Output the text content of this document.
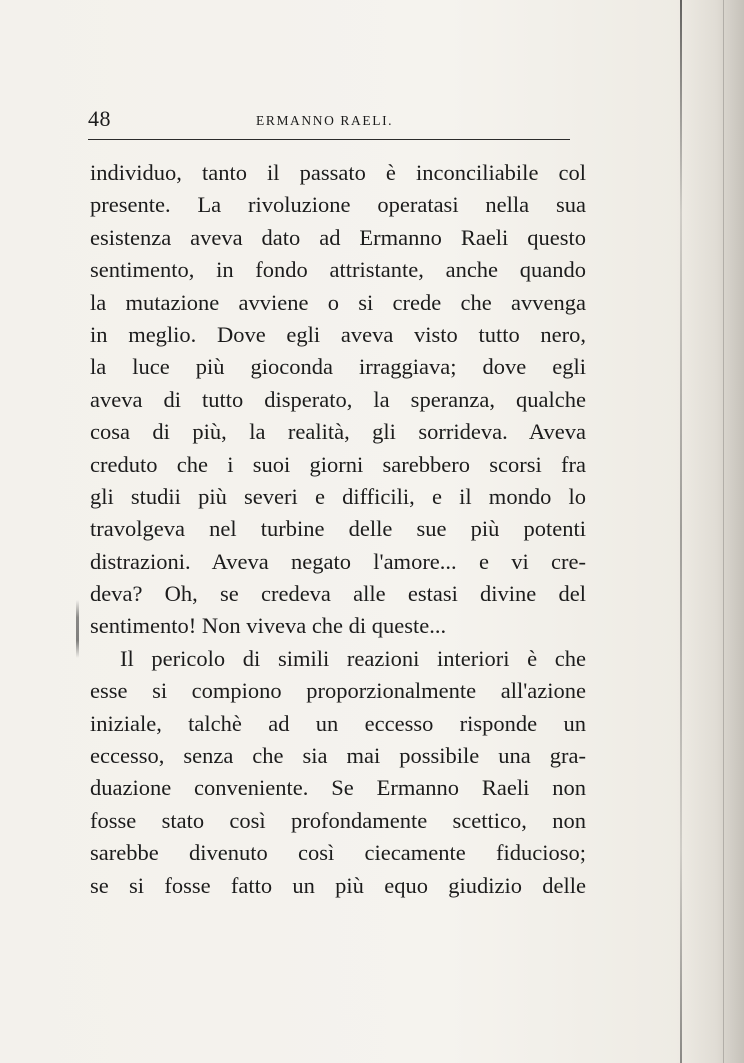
48	ERMANNO RAELI.
individuo, tanto il passato è inconciliabile col
presente. La rivoluzione operatasi nella sua
esistenza aveva dato ad Ermanno Raeli questo
sentimento, in fondo attristante, anche quando
la mutazione avviene o si crede che avvenga
in meglio. Dove egli aveva visto tutto nero,
la luce più gioconda irraggiava; dove egli
aveva di tutto disperato, la speranza, qualche
cosa di più, la realità, gli sorrideva. Aveva
creduto che i suoi giorni sarebbero scorsi fra
gli studii più severi e difficili, e il mondo lo
travolgeva nel turbine delle sue più potenti
distrazioni. Aveva negato l'amore... e vi cre-
deva? Oh, se credeva alle estasi divine del
sentimento! Non viveva che di queste...
Il pericolo di simili reazioni interiori è che
esse si compiono proporzionalmente all'azione
iniziale, talchè ad un eccesso risponde un
eccesso, senza che sia mai possibile una gra-
duazione conveniente. Se Ermanno Raeli non
fosse stato così profondamente scettico, non
sarebbe divenuto così ciecamente fiducioso;
se si fosse fatto un più equo giudizio delle
